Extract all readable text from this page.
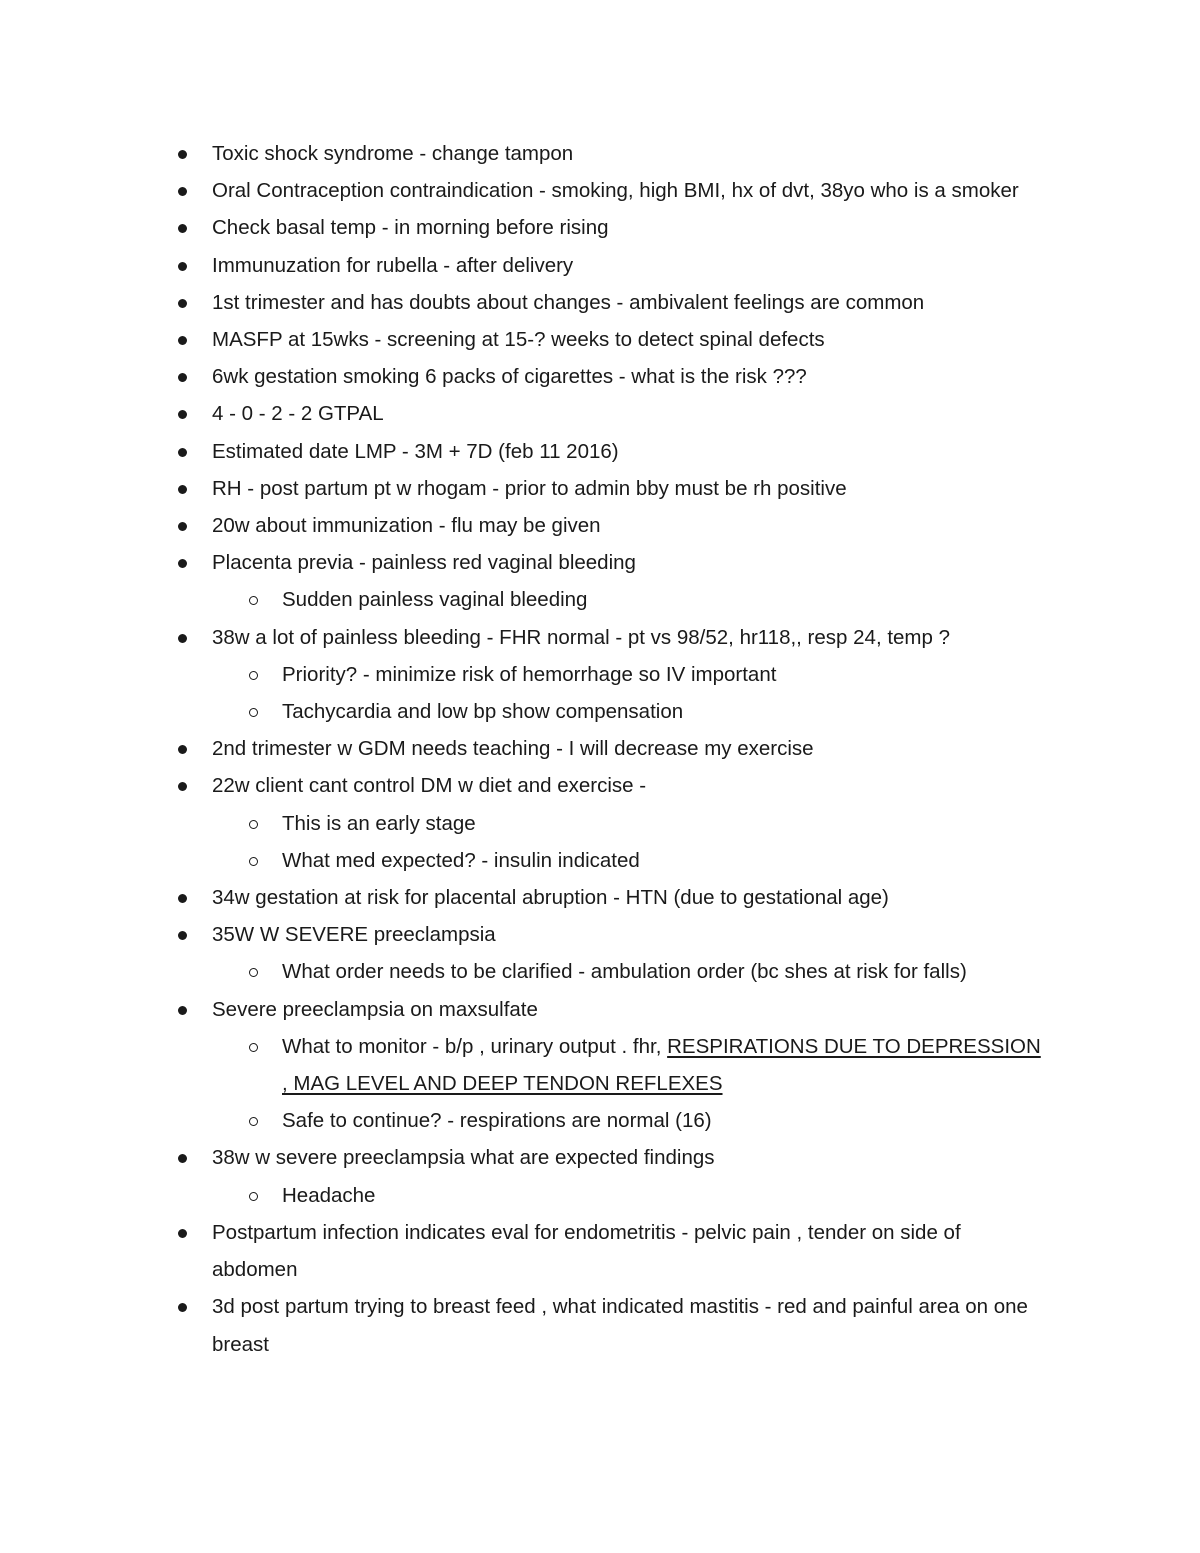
Toxic shock syndrome - change tampon
Oral Contraception contraindication - smoking, high BMI, hx of dvt, 38yo who is a smoker
Check basal temp - in morning before rising
Immunuzation for rubella - after delivery
1st trimester and has doubts about changes - ambivalent feelings are common
MASFP at 15wks - screening at 15-? weeks to detect spinal defects
6wk gestation smoking 6 packs of cigarettes - what is the risk ???
4 - 0 - 2 - 2 GTPAL
Estimated date LMP - 3M + 7D (feb 11 2016)
RH - post partum pt w rhogam - prior to admin bby must be rh positive
20w about immunization - flu may be given
Placenta previa - painless red vaginal bleeding
Sudden painless vaginal bleeding
38w a lot of painless bleeding - FHR normal - pt vs 98/52, hr118,, resp 24, temp ?
Priority? - minimize risk of hemorrhage so IV important
Tachycardia and low bp show compensation
2nd trimester w GDM needs teaching - I will decrease my exercise
22w client cant control DM w diet and exercise -
This is an early stage
What med expected? - insulin indicated
34w gestation at risk for placental abruption - HTN (due to gestational age)
35W W SEVERE preeclampsia
What order needs to be clarified - ambulation order (bc shes at risk for falls)
Severe preeclampsia on maxsulfate
What to monitor - b/p , urinary output . fhr, RESPIRATIONS DUE TO DEPRESSION , MAG LEVEL AND DEEP TENDON REFLEXES
Safe to continue? - respirations are normal (16)
38w w severe preeclampsia what are expected findings
Headache
Postpartum infection indicates eval for endometritis - pelvic pain , tender on side of abdomen
3d post partum trying to breast feed , what indicated mastitis - red and painful area on one breast
